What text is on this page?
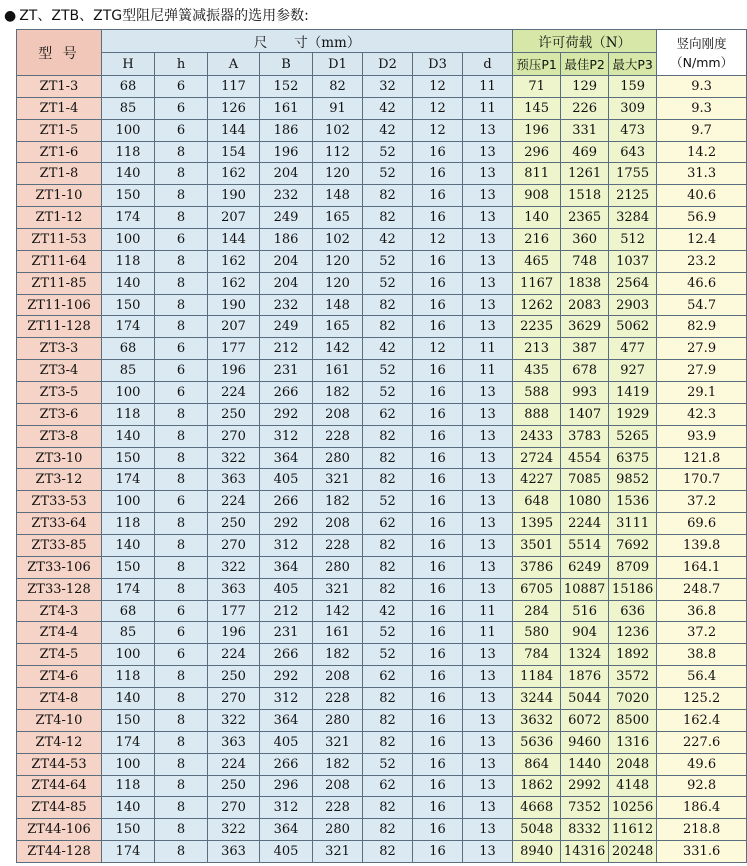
● ZT、ZTB、ZTG型阻尼弹簧减振器的选用参数:
型 号	尺　　寸（mm）								许可荷载（N）			竖向刚度（N/mm）

	H	h	A	B	D1	D2	D3	d	预压P1	最佳P2	最大P3	
ZT1-3	68	6	117	152	82	32	12	11	71	129	159	9.3
ZT1-4	85	6	126	161	91	42	12	11	145	226	309	9.3
ZT1-5	100	6	144	186	102	42	12	13	196	331	473	9.7
ZT1-6	118	8	154	196	112	52	16	13	296	469	643	14.2
ZT1-8	140	8	162	204	120	52	16	13	811	1261	1755	31.3
ZT1-10	150	8	190	232	148	82	16	13	908	1518	2125	40.6
ZT1-12	174	8	207	249	165	82	16	13	140	2365	3284	56.9
ZT11-53	100	6	144	186	102	42	12	13	216	360	512	12.4
ZT11-64	118	8	162	204	120	52	16	13	465	748	1037	23.2
ZT11-85	140	8	162	204	120	52	16	13	1167	1838	2564	46.6
ZT11-106	150	8	190	232	148	82	16	13	1262	2083	2903	54.7
ZT11-128	174	8	207	249	165	82	16	13	2235	3629	5062	82.9
ZT3-3	68	6	177	212	142	42	12	11	213	387	477	27.9
ZT3-4	85	6	196	231	161	52	16	11	435	678	927	27.9
ZT3-5	100	6	224	266	182	52	16	13	588	993	1419	29.1
ZT3-6	118	8	250	292	208	62	16	13	888	1407	1929	42.3
ZT3-8	140	8	270	312	228	82	16	13	2433	3783	5265	93.9
ZT3-10	150	8	322	364	280	82	16	13	2724	4554	6375	121.8
ZT3-12	174	8	363	405	321	82	16	13	4227	7085	9852	170.7
ZT33-53	100	6	224	266	182	52	16	13	648	1080	1536	37.2
ZT33-64	118	8	250	292	208	62	16	13	1395	2244	3111	69.6
ZT33-85	140	8	270	312	228	82	16	13	3501	5514	7692	139.8
ZT33-106	150	8	322	364	280	82	16	13	3786	6249	8709	164.1
ZT33-128	174	8	363	405	321	82	16	13	6705	10887	15186	248.7
ZT4-3	68	6	177	212	142	42	16	11	284	516	636	36.8
ZT4-4	85	6	196	231	161	52	16	11	580	904	1236	37.2
ZT4-5	100	6	224	266	182	52	16	13	784	1324	1892	38.8
ZT4-6	118	8	250	292	208	62	16	13	1184	1876	3572	56.4
ZT4-8	140	8	270	312	228	82	16	13	3244	5044	7020	125.2
ZT4-10	150	8	322	364	280	82	16	13	3632	6072	8500	162.4
ZT4-12	174	8	363	405	321	82	16	13	5636	9460	1316	227.6
ZT44-53	100	8	224	266	182	52	16	13	864	1440	2048	49.6
ZT44-64	118	8	250	296	208	62	16	13	1862	2992	4148	92.8
ZT44-85	140	8	270	312	228	82	16	13	4668	7352	10256	186.4
ZT44-106	150	8	322	364	280	82	16	13	5048	8332	11612	218.8
ZT44-128	174	8	363	405	321	82	16	13	8940	14316	20248	331.6
